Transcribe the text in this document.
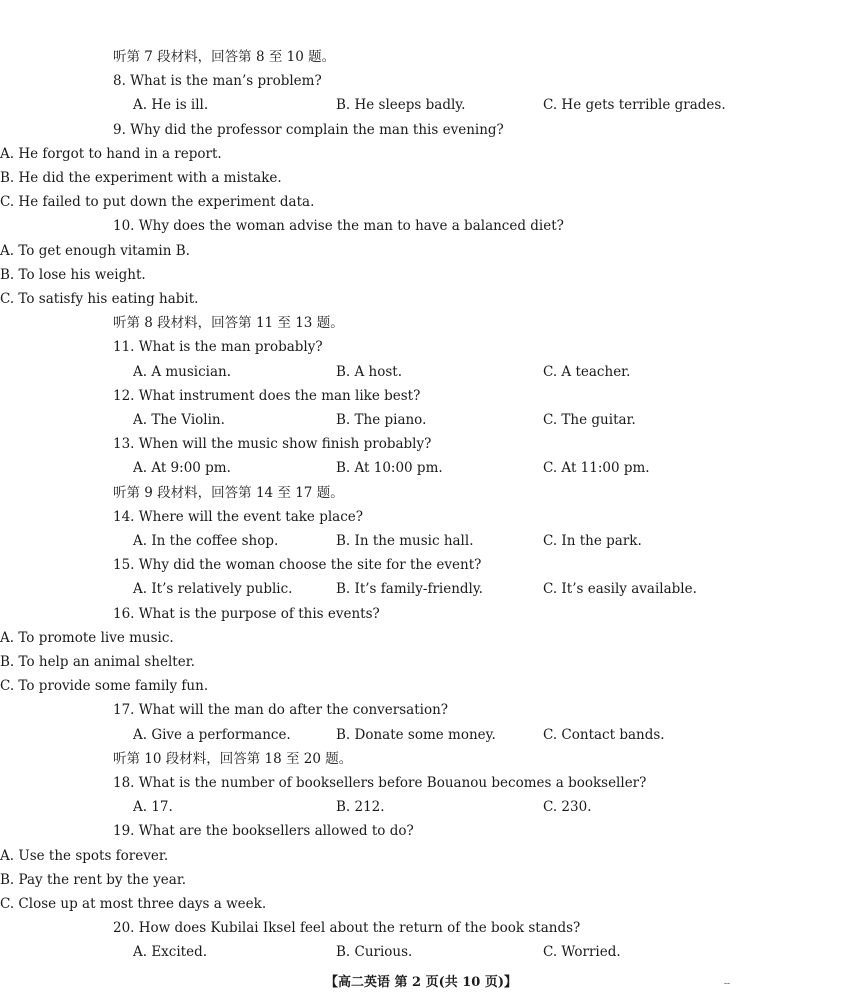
听第 7 段材料，回答第 8 至 10 题。
8. What is the man’s problem?
A. He is ill.	B. He sleeps badly.	C. He gets terrible grades.
9. Why did the professor complain the man this evening?
A. He forgot to hand in a report.
B. He did the experiment with a mistake.
C. He failed to put down the experiment data.
10. Why does the woman advise the man to have a balanced diet?
A. To get enough vitamin B.
B. To lose his weight.
C. To satisfy his eating habit.
听第 8 段材料，回答第 11 至 13 题。
11. What is the man probably?
A. A musician.	B. A host.	C. A teacher.
12. What instrument does the man like best?
A. The Violin.	B. The piano.	C. The guitar.
13. When will the music show finish probably?
A. At 9:00 pm.	B. At 10:00 pm.	C. At 11:00 pm.
听第 9 段材料，回答第 14 至 17 题。
14. Where will the event take place?
A. In the coffee shop.	B. In the music hall.	C. In the park.
15. Why did the woman choose the site for the event?
A. It’s relatively public.	B. It’s family-friendly.	C. It’s easily available.
16. What is the purpose of this events?
A. To promote live music.
B. To help an animal shelter.
C. To provide some family fun.
17. What will the man do after the conversation?
A. Give a performance.	B. Donate some money.	C. Contact bands.
听第 10 段材料，回答第 18 至 20 题。
18. What is the number of booksellers before Bouanou becomes a bookseller?
A. 17.	B. 212.	C. 230.
19. What are the booksellers allowed to do?
A. Use the spots forever.
B. Pay the rent by the year.
C. Close up at most three days a week.
20. How does Kubilai Iksel feel about the return of the book stands?
A. Excited.	B. Curious.	C. Worried.
【高二英语 第 2 页(共 10 页)】	--
